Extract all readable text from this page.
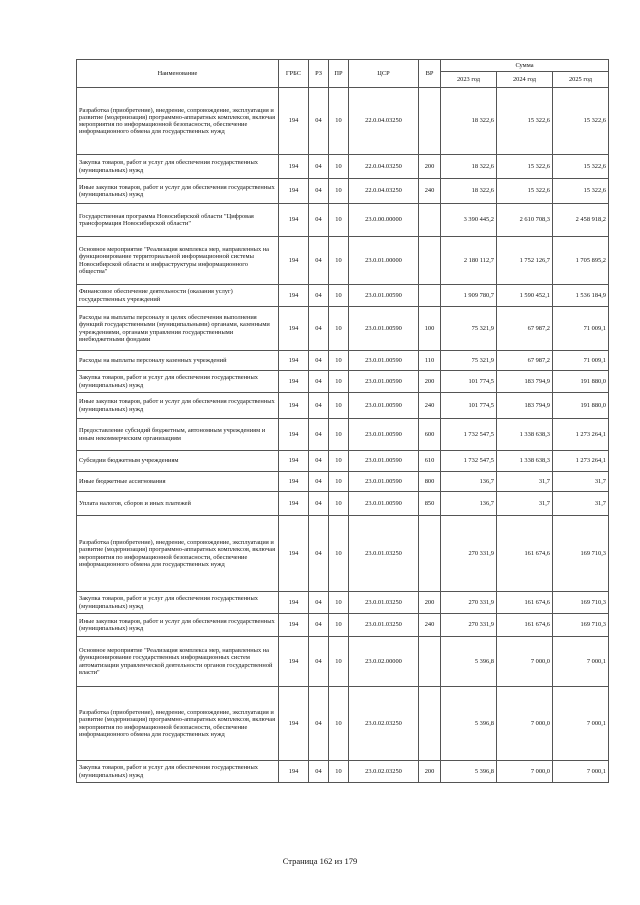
Наименование	ГРБС	РЗ	ПР	ЦСР	ВР	Сумма		
						2023 год	2024 год	2025 год
Разработка (приобретение), внедрение, сопровождение, эксплуатация и развитие (модернизация) программно-аппаратных комплексов, включая мероприятия по информационной безопасности, обеспечение информационного обмена для государственных нужд	194	04	10	22.0.04.03250		18 322,6	15 322,6	15 322,6
Закупка товаров, работ и услуг для обеспечения государственных (муниципальных) нужд	194	04	10	22.0.04.03250	200	18 322,6	15 322,6	15 322,6
Иные закупки товаров, работ и услуг для обеспечения государственных (муниципальных) нужд	194	04	10	22.0.04.03250	240	18 322,6	15 322,6	15 322,6
Государственная программа Новосибирской области "Цифровая трансформация Новосибирской области"	194	04	10	23.0.00.00000		3 390 445,2	2 610 708,3	2 458 918,2
Основное мероприятие "Реализация комплекса мер, направленных на функционирование территориальной информационной системы Новосибирской области и инфраструктуры информационного общества"	194	04	10	23.0.01.00000		2 180 112,7	1 752 126,7	1 705 895,2
Финансовое обеспечение деятельности (оказания услуг) государственных учреждений	194	04	10	23.0.01.00590		1 909 780,7	1 590 452,1	1 536 184,9
Расходы на выплаты персоналу в целях обеспечения выполнения функций государственными (муниципальными) органами, казенными учреждениями, органами управления государственными внебюджетными фондами	194	04	10	23.0.01.00590	100	75 321,9	67 987,2	71 009,1
Расходы на выплаты персоналу казенных учреждений	194	04	10	23.0.01.00590	110	75 321,9	67 987,2	71 009,1
Закупка товаров, работ и услуг для обеспечения государственных (муниципальных) нужд	194	04	10	23.0.01.00590	200	101 774,5	183 794,9	191 880,0
Иные закупки товаров, работ и услуг для обеспечения государственных (муниципальных) нужд	194	04	10	23.0.01.00590	240	101 774,5	183 794,9	191 880,0
Предоставление субсидий бюджетным, автономным учреждениям и иным некоммерческим организациям	194	04	10	23.0.01.00590	600	1 732 547,5	1 338 638,3	1 273 264,1
Субсидии бюджетным учреждениям	194	04	10	23.0.01.00590	610	1 732 547,5	1 338 638,3	1 273 264,1
Иные бюджетные ассигнования	194	04	10	23.0.01.00590	800	136,7	31,7	31,7
Уплата налогов, сборов и иных платежей	194	04	10	23.0.01.00590	850	136,7	31,7	31,7
Разработка (приобретение), внедрение, сопровождение, эксплуатация и развитие (модернизация) программно-аппаратных комплексов, включая мероприятия по информационной безопасности, обеспечение информационного обмена для государственных нужд	194	04	10	23.0.01.03250		270 331,9	161 674,6	169 710,3
Закупка товаров, работ и услуг для обеспечения государственных (муниципальных) нужд	194	04	10	23.0.01.03250	200	270 331,9	161 674,6	169 710,3
Иные закупки товаров, работ и услуг для обеспечения государственных (муниципальных) нужд	194	04	10	23.0.01.03250	240	270 331,9	161 674,6	169 710,3
Основное мероприятие "Реализация комплекса мер, направленных на функционирование государственных информационных систем автоматизации управленческой деятельности органов государственной власти"	194	04	10	23.0.02.00000		5 396,8	7 000,0	7 000,1
Разработка (приобретение), внедрение, сопровождение, эксплуатация и развитие (модернизация) программно-аппаратных комплексов, включая мероприятия по информационной безопасности, обеспечение информационного обмена для государственных нужд	194	04	10	23.0.02.03250		5 396,8	7 000,0	7 000,1
Закупка товаров, работ и услуг для обеспечения государственных (муниципальных) нужд	194	04	10	23.0.02.03250	200	5 396,8	7 000,0	7 000,1
Страница 162 из 179
